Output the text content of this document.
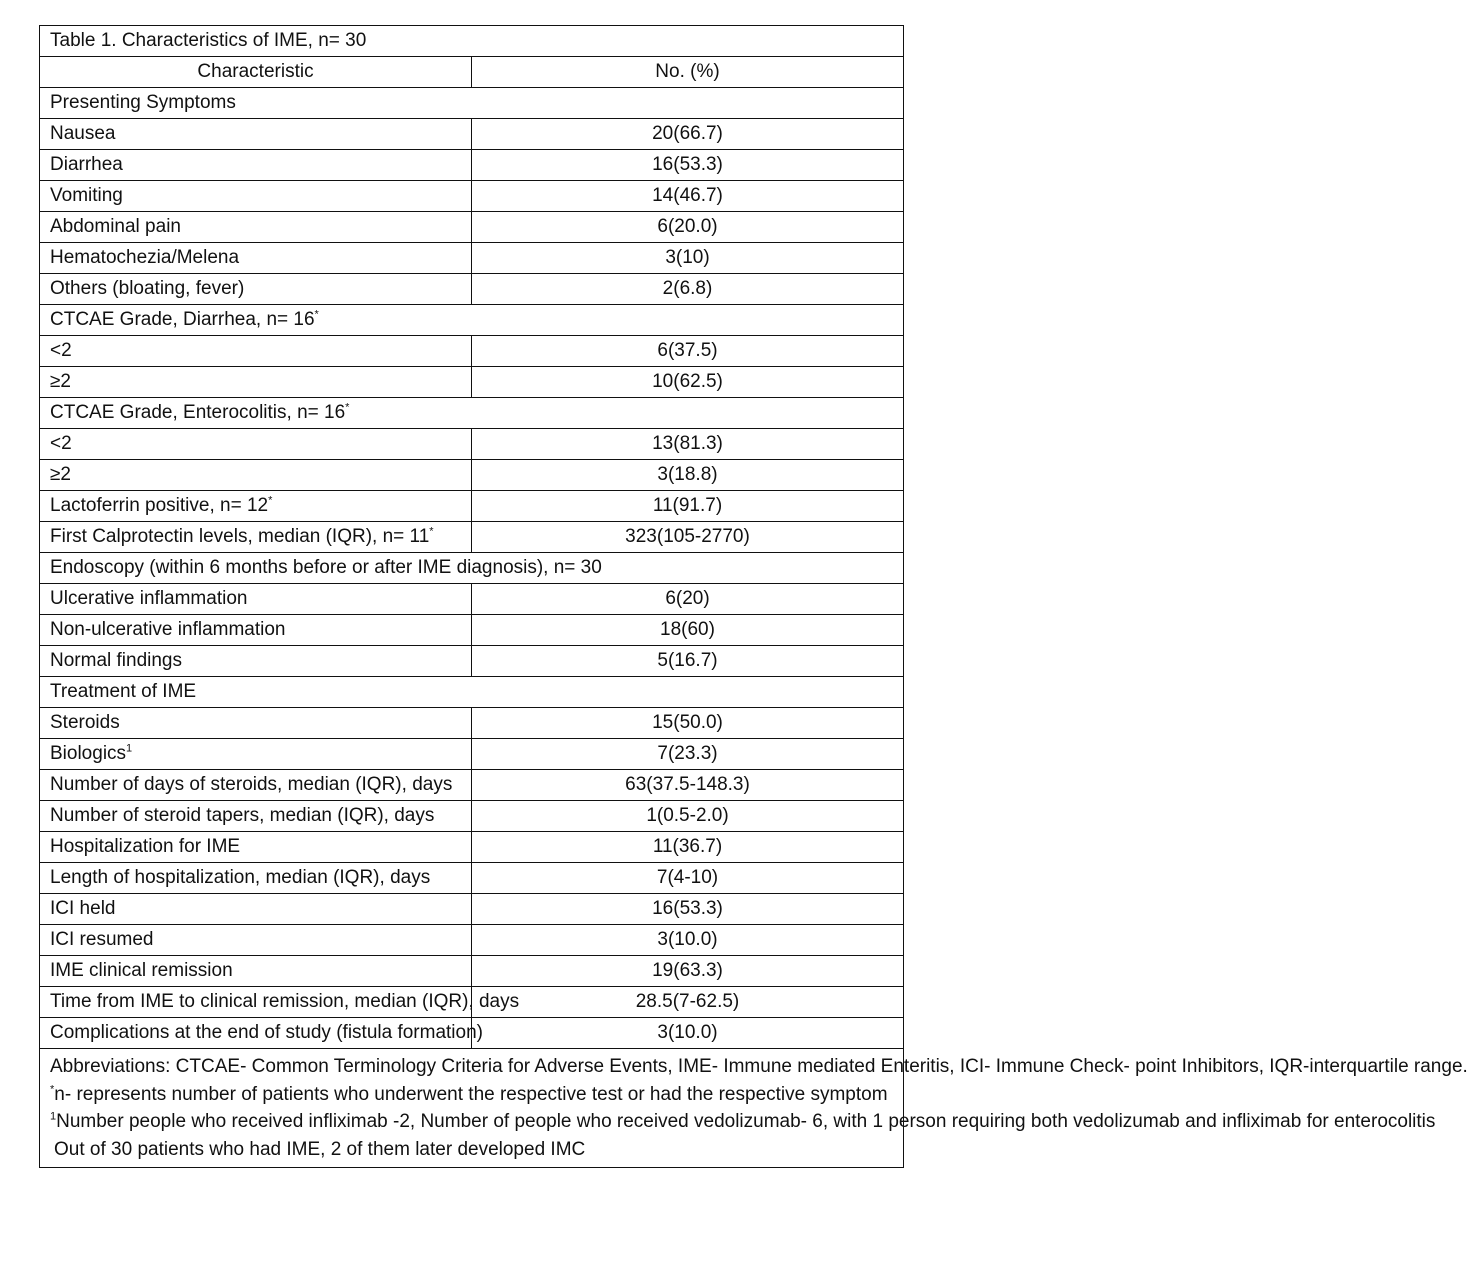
Table 1. Characteristics of IME, n= 30	
Characteristic	No. (%)
Presenting Symptoms	
Nausea	20(66.7)
Diarrhea	16(53.3)
Vomiting	14(46.7)
Abdominal pain	6(20.0)
Hematochezia/Melena	3(10)
Others (bloating, fever)	2(6.8)
CTCAE Grade, Diarrhea, n= 16*
<2	6(37.5)
≥2	10(62.5)
CTCAE Grade, Enterocolitis, n= 16*
<2	13(81.3)
≥2	3(18.8)
Lactoferrin positive, n= 12*	11(91.7)
First Calprotectin levels, median (IQR), n= 11*	323(105-2770)
Endoscopy (within 6 months before or after IME diagnosis), n= 30	
Ulcerative inflammation	6(20)
Non-ulcerative inflammation	18(60)
Normal findings	5(16.7)
Treatment of IME	
Steroids	15(50.0)
Biologics$^1$	7(23.3)
Number of days of steroids, median (IQR), days	63(37.5-148.3)
Number of steroid tapers, median (IQR), days	1(0.5-2.0)
Hospitalization for IME	11(36.7)
Length of hospitalization, median (IQR), days	7(4-10)
ICI held	16(53.3)
ICI resumed	3(10.0)
IME clinical remission	19(63.3)
Time from IME to clinical remission, median (IQR), days	28.5(7-62.5)
Complications at the end of study (fistula formation)	3(10.0)

Abbreviations: CTCAE- Common Terminology Criteria for Adverse Events, IME- Immune mediated Enteritis, ICI- Immune Check- point Inhibitors, IQR-interquartile range.
*n- represents number of patients who underwent the respective test or had the respective symptom
$^1$Number people who received infliximab -2, Number of people who received vedolizumab- 6, with 1 person requiring both vedolizumab and infliximab for enterocolitis
Out of 30 patients who had IME, 2 of them later developed IMC	
